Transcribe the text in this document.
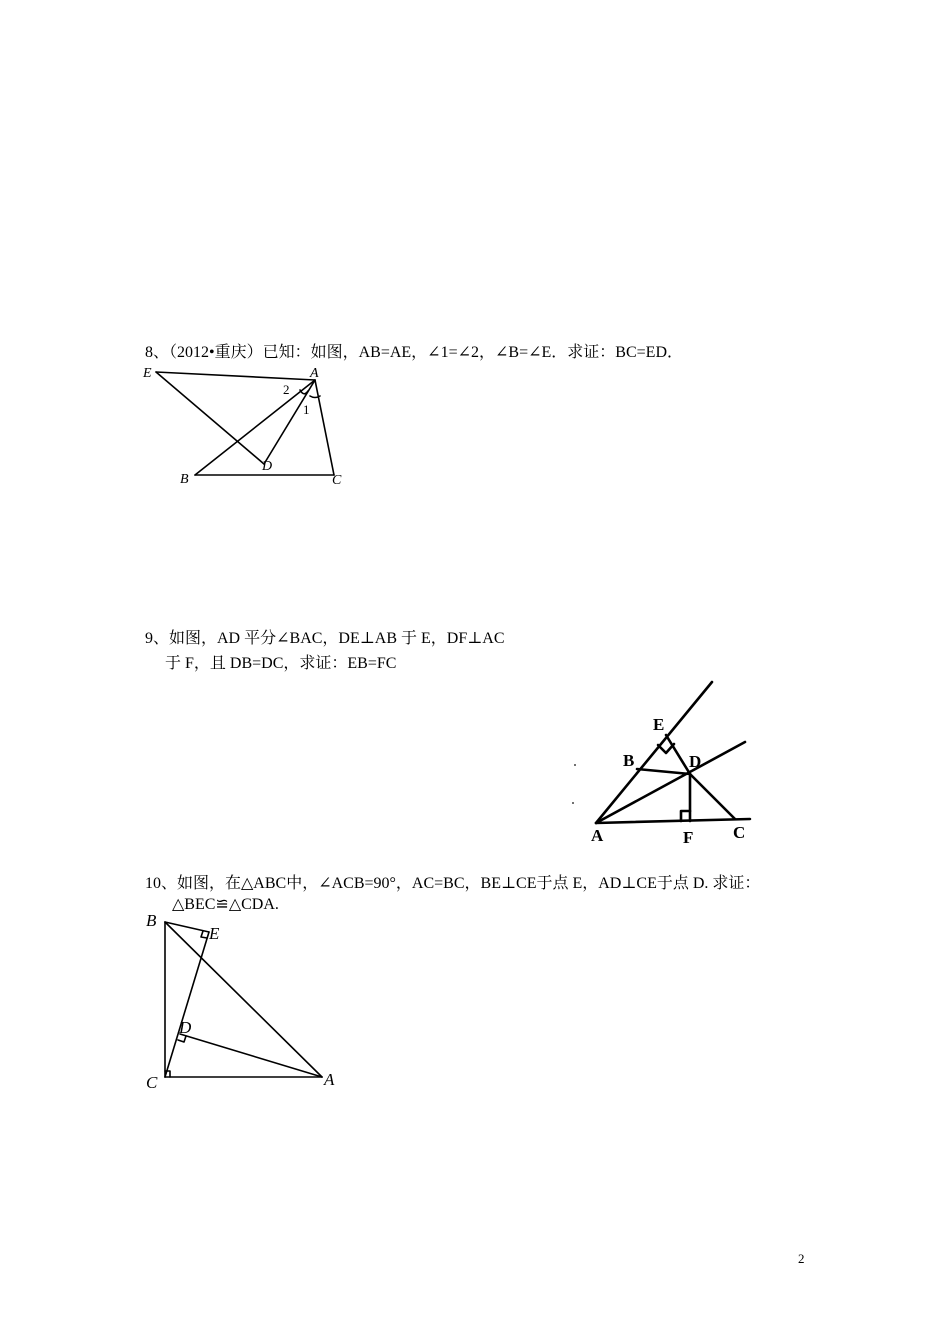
8、（2012•重庆）已知：如图，AB=AE，∠1=∠2，∠B=∠E．求证：BC=ED．
E	A
2
1
B
D
C
9、如图，AD 平分∠BAC，DE⊥AB 于 E，DF⊥AC
于 F，且 DB=DC，求证：EB=FC
E
B	D
A	F C
10、如图，在△ABC中，∠ACB=90°，AC=BC，BE⊥CE于点 E，AD⊥CE于点 D. 求证：
△BEC≌△CDA.
B
E
D
C	A
2
